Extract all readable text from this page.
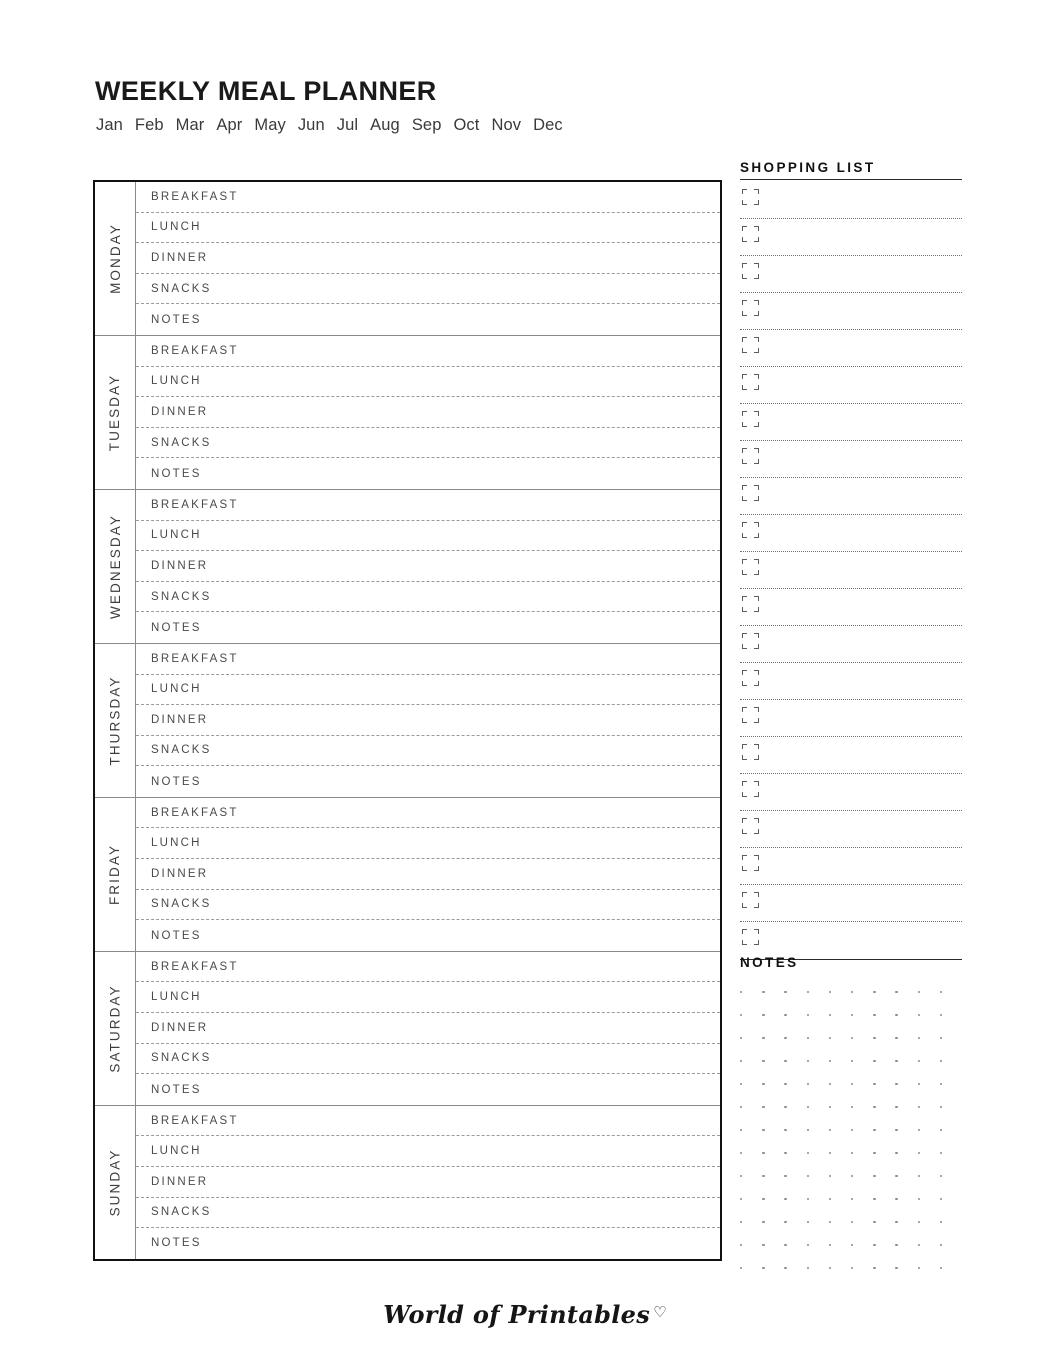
WEEKLY MEAL PLANNER
Jan Feb Mar Apr May Jun Jul Aug Sep Oct Nov Dec
MONDAY
BREAKFAST
LUNCH
DINNER
SNACKS
NOTES
TUESDAY
BREAKFAST
LUNCH
DINNER
SNACKS
NOTES
WEDNESDAY
BREAKFAST
LUNCH
DINNER
SNACKS
NOTES
THURSDAY
BREAKFAST
LUNCH
DINNER
SNACKS
NOTES
FRIDAY
BREAKFAST
LUNCH
DINNER
SNACKS
NOTES
SATURDAY
BREAKFAST
LUNCH
DINNER
SNACKS
NOTES
SUNDAY
BREAKFAST
LUNCH
DINNER
SNACKS
NOTES
SHOPPING LIST
NOTES
World of Printables ♡
